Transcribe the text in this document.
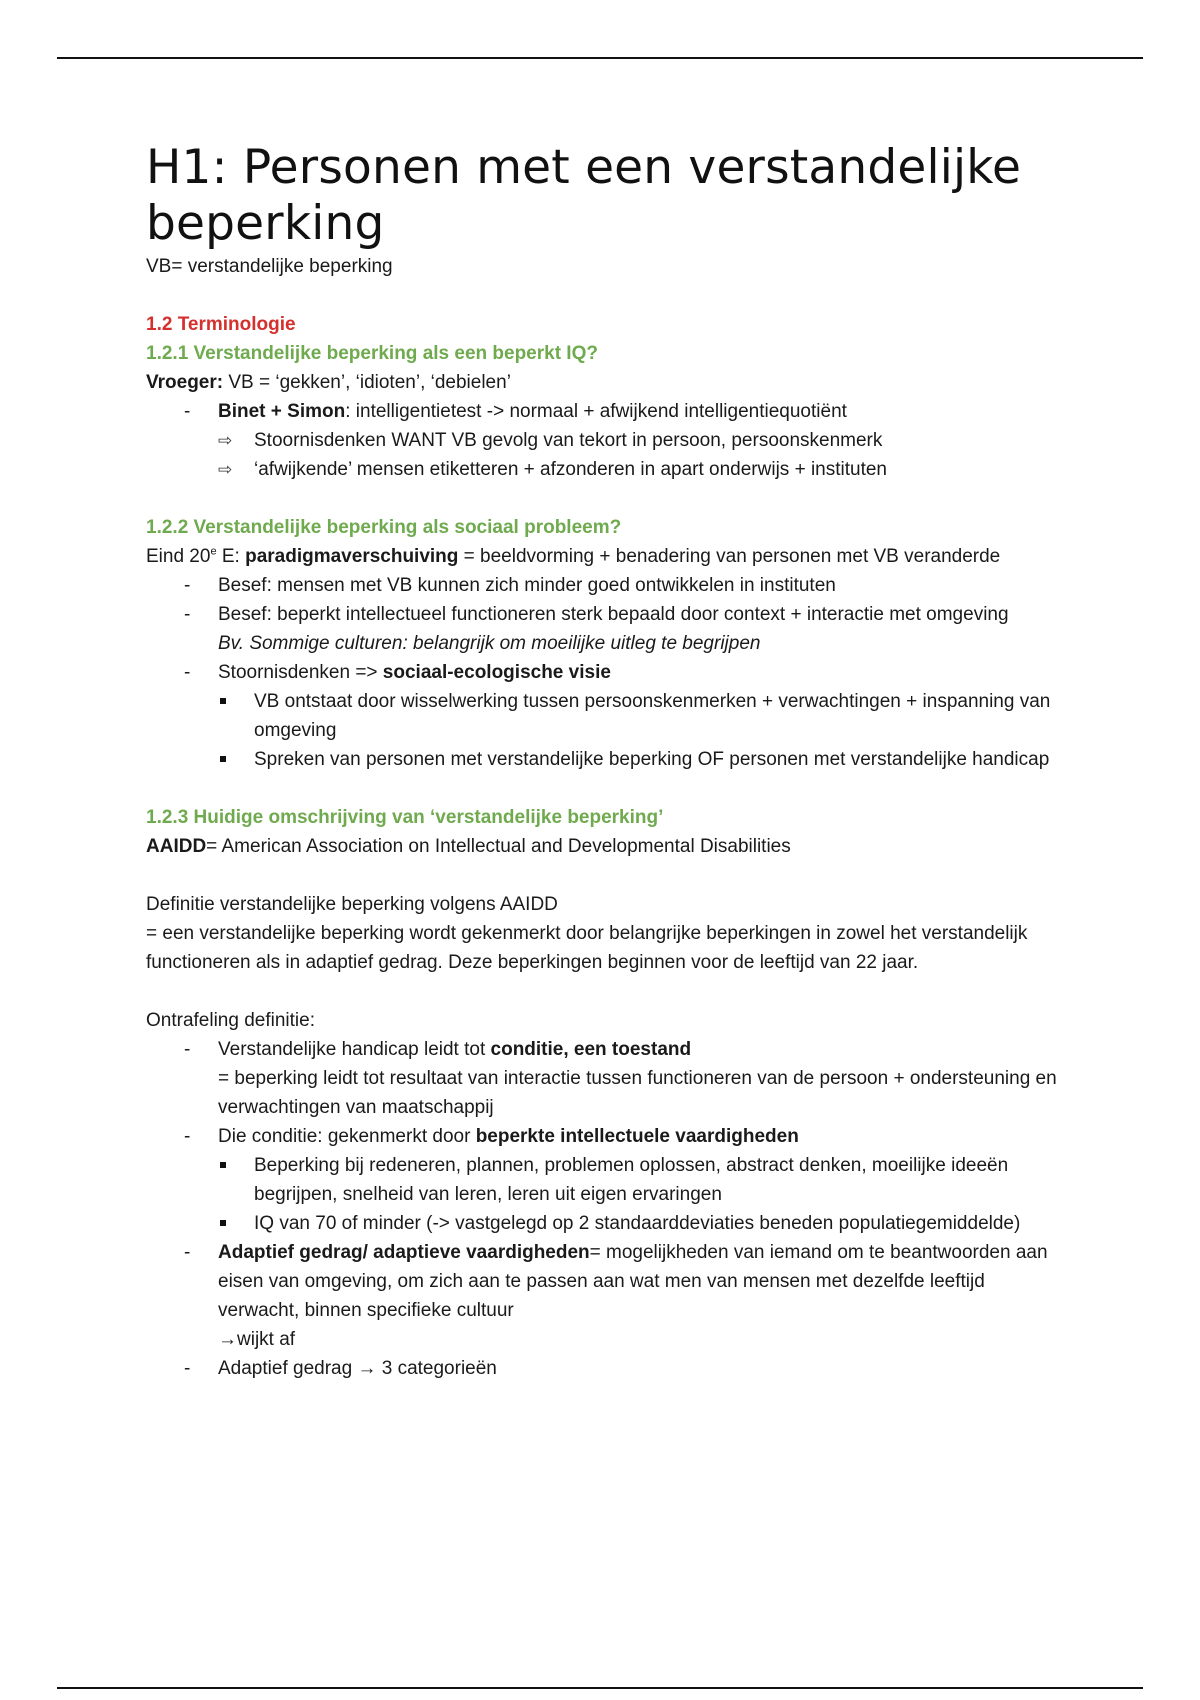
H1: Personen met een verstandelijke beperking

VB= verstandelijke beperking

1.2 Terminologie

1.2.1 Verstandelijke beperking als een beperkt IQ?

Vroeger: VB = ‘gekken’, ‘idioten’, ‘debielen’

- Binet + Simon: intelligentietest -> normaal + afwijkend intelligentiequotiënt
⇨ Stoornisdenken WANT VB gevolg van tekort in persoon, persoonskenmerk
⇨ ‘afwijkende’ mensen etiketteren + afzonderen in apart onderwijs + instituten

1.2.2 Verstandelijke beperking als sociaal probleem?

Eind 20e E: paradigmaverschuiving = beeldvorming + benadering van personen met VB veranderde

- Besef: mensen met VB kunnen zich minder goed ontwikkelen in instituten
- Besef: beperkt intellectueel functioneren sterk bepaald door context + interactie met omgeving
Bv. Sommige culturen: belangrijk om moeilijke uitleg te begrijpen
- Stoornisdenken => sociaal-ecologische visie
VB ontstaat door wisselwerking tussen persoonskenmerken + verwachtingen + inspanning van omgeving
Spreken van personen met verstandelijke beperking OF personen met verstandelijke handicap

1.2.3 Huidige omschrijving van ‘verstandelijke beperking’

AAIDD= American Association on Intellectual and Developmental Disabilities

Definitie verstandelijke beperking volgens AAIDD

= een verstandelijke beperking wordt gekenmerkt door belangrijke beperkingen in zowel het verstandelijk functioneren als in adaptief gedrag. Deze beperkingen beginnen voor de leeftijd van 22 jaar.

Ontrafeling definitie:

- Verstandelijke handicap leidt tot conditie, een toestand
= beperking leidt tot resultaat van interactie tussen functioneren van de persoon + ondersteuning en verwachtingen van maatschappij
- Die conditie: gekenmerkt door beperkte intellectuele vaardigheden
Beperking bij redeneren, plannen, problemen oplossen, abstract denken, moeilijke ideeën begrijpen, snelheid van leren, leren uit eigen ervaringen
IQ van 70 of minder (-> vastgelegd op 2 standaarddeviaties beneden populatiegemiddelde)
- Adaptief gedrag/ adaptieve vaardigheden= mogelijkheden van iemand om te beantwoorden aan eisen van omgeving, om zich aan te passen aan wat men van mensen met dezelfde leeftijd verwacht, binnen specifieke cultuur
→wijkt af
- Adaptief gedrag → 3 categorieën
